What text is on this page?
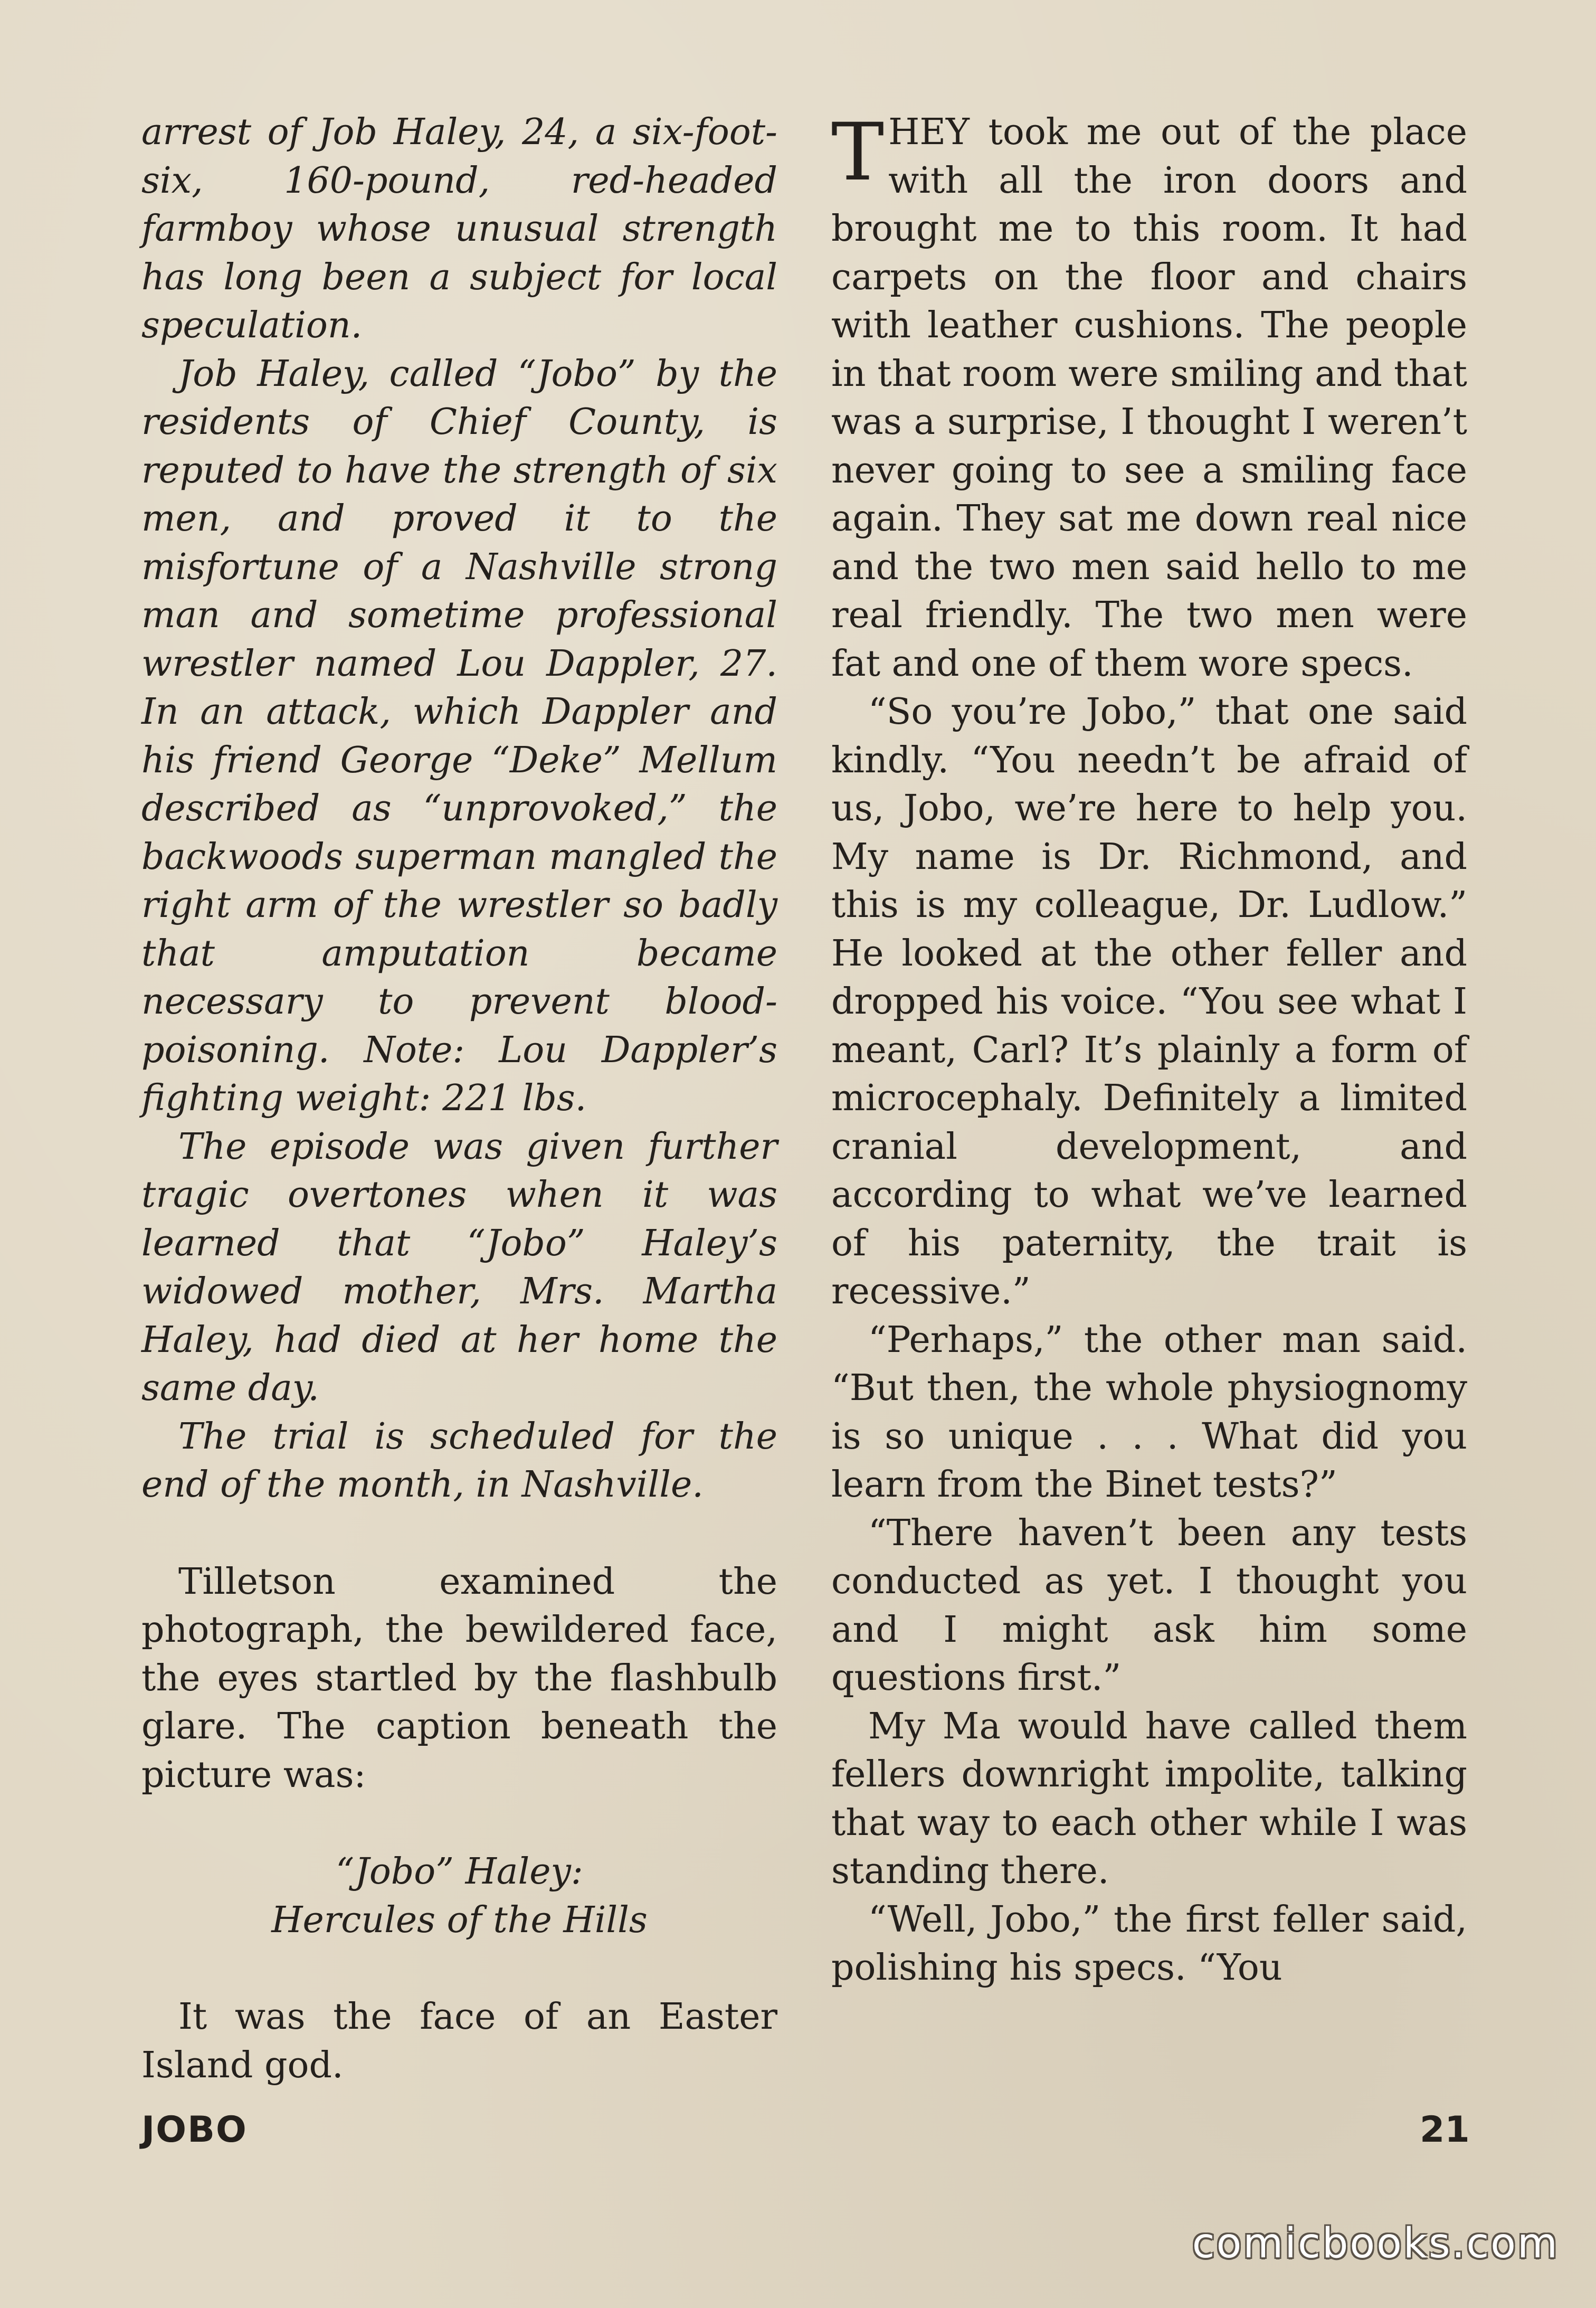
arrest of Job Haley, 24, a six-foot-six, 160-pound, red-headed farmboy whose unusual strength has long been a subject for local speculation.

Job Haley, called “Jobo” by the residents of Chief County, is reputed to have the strength of six men, and proved it to the misfortune of a Nashville strong man and sometime professional wrestler named Lou Dappler, 27. In an attack, which Dappler and his friend George “Deke” Mellum described as “unprovoked,” the backwoods superman mangled the right arm of the wrestler so badly that amputation became necessary to prevent blood-poisoning. Note: Lou Dappler’s fighting weight: 221 lbs.

The episode was given further tragic overtones when it was learned that “Jobo” Haley’s widowed mother, Mrs. Martha Haley, had died at her home the same day.

The trial is scheduled for the end of the month, in Nashville.

Tilletson examined the photograph, the bewildered face, the eyes startled by the flashbulb glare. The caption beneath the picture was:

“Jobo” Haley:

Hercules of the Hills

It was the face of an Easter Island god.

THEY took me out of the place with all the iron doors and brought me to this room. It had carpets on the floor and chairs with leather cushions. The people in that room were smiling and that was a surprise, I thought I weren’t never going to see a smiling face again. They sat me down real nice and the two men said hello to me real friendly. The two men were fat and one of them wore specs.

“So you’re Jobo,” that one said kindly. “You needn’t be afraid of us, Jobo, we’re here to help you. My name is Dr. Richmond, and this is my colleague, Dr. Ludlow.” He looked at the other feller and dropped his voice. “You see what I meant, Carl? It’s plainly a form of microcephaly. Definitely a limited cranial development, and according to what we’ve learned of his paternity, the trait is recessive.”

“Perhaps,” the other man said. “But then, the whole physiognomy is so unique . . . What did you learn from the Binet tests?”

“There haven’t been any tests conducted as yet. I thought you and I might ask him some questions first.”

My Ma would have called them fellers downright impolite, talking that way to each other while I was standing there.

“Well, Jobo,” the first feller said, polishing his specs. “You

JOBO	21
comicbooks.com
